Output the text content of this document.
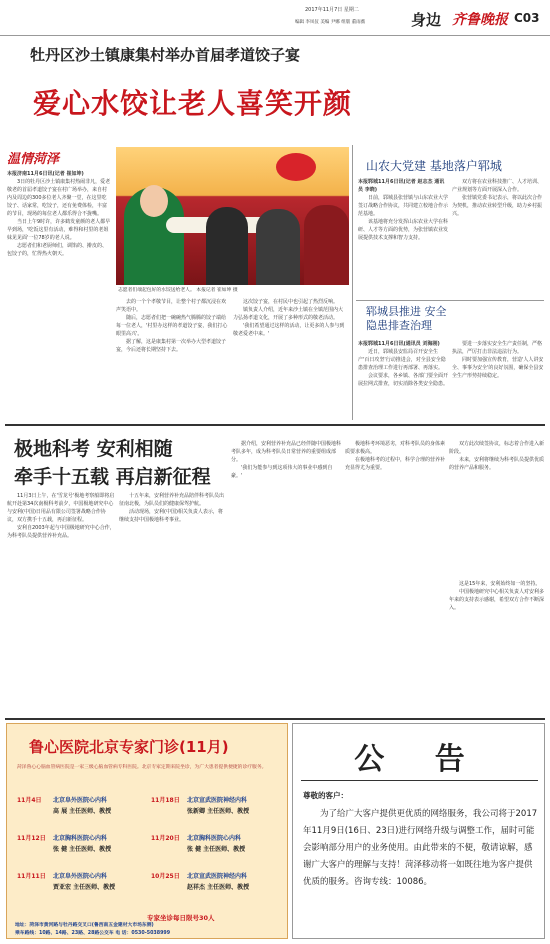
2017年11月7日 星期二
编辑 李凤仪 美编 尹娜 组版 董雨薇	身边 齐鲁晚报 C03
牡丹区沙土镇康集村举办首届孝道饺子宴
爱心水饺让老人喜笑开颜
温情菏泽
志愿者们端起包好的水饺送给老人。 本报记者 崔如坤 摄

本报济南11月6日讯(记者 崔如坤)

3日的牡丹区沙土镇康集村热闹非凡，爱老敬老的首届孝道饺子宴在村广场举办，来自村内及周边的300多位老人齐聚一堂，在这里吃饺子、话家常，吃饺子，还有免费体检，丰富的节目，现场的每位老人都乐得合不拢嘴。

当日上午9时许，许多鹤发童颜的老人都早早到场，'吃饭这里有活动，难得和村里的老姐妹见见面'一位78岁的老人说。

志愿者们和老厨师们，调馅的、擀皮的、包饺子的，忙得热火朝天。

去的一个个孝敬节目，让整个村子都沉浸在欢声笑语中。

随后，志愿者们把一碗碗热气腾腾的饺子端给每一位老人，'村里办这样的孝道饺子宴，我们打心眼里高兴'。

据了解，这是康集村第一次举办大型孝道饺子宴，今后还将长期坚持下去。

这次饺子宴，在村民中也引起了热烈反响。

镇负责人介绍，近年来沙土镇在全镇范围内大力弘扬孝道文化，开展了多种形式的敬老活动。

'我们希望通过这样的活动，让更多的人参与到敬老爱老中来。'

山农大党建 基地落户郓城

本报郓城11月6日讯(记者 赵志杰 通讯员 李晓)

日前，郓城县张营镇与山东农业大学签订战略合作协议，共同建立校地合作示范基地。

该基地将充分发挥山东农业大学在科研、人才等方面的优势，为张营镇农业发展提供技术支撑和智力支持。

双方将在农业科技推广、人才培训、产业规划等方面开展深入合作。

张营镇党委书记表示，将以此次合作为契机，推动农业转型升级，助力乡村振兴。

郓城县推进 安全隐患排查治理

本报郓城11月6日讯(通讯员 刘海刚)

近日，郓城县安监局召开安全生产'百日攻坚'行动推进会，对全县安全隐患排查治理工作进行再部署、再落实。

会议要求，各乡镇、各部门要全面开展拉网式排查，切实消除各类安全隐患。

要进一步落实安全生产责任制，严格执法，严厉打击非法违法行为。

同时要加强宣传教育，营造'人人讲安全、事事为安全'的良好氛围，确保全县安全生产形势持续稳定。

极地科考 安利相随
牵手十五载 再启新征程

11月3日上午，在'雪龙号'极地考察船即将启航开赴第34次南极科考前夕，中国极地研究中心与安利(中国)日用品有限公司签署战略合作协议，双方携手十五载，再启新征程。

安利自2003年起与中国极地研究中心合作，为科考队员提供营养补充品。

十五年来，安利营养补充品陪伴科考队员出征南北极，为队员们的健康保驾护航。

活动现场，安利(中国)相关负责人表示，将继续支持中国极地科考事业。

据介绍，安利营养补充品已经伴随中国极地科考队多年，成为科考队员日常营养的重要组成部分。

'我们为能参与到这项伟大的事业中感到自豪。'

极地科考环境恶劣，对科考队员的身体素质要求极高。

在极地科考的过程中，科学合理的营养补充显得尤为重要。

双方此次续签协议，标志着合作进入新阶段。

未来，安利将继续为科考队员提供优质的营养产品和服务。

这是15年来，安利始终如一的坚持。

中国极地研究中心相关负责人对安利多年来的支持表示感谢，希望双方合作不断深入。

鲁心医院北京专家门诊(11月)
菏泽鲁心心脑血管病医院是一家三级心脑血管病专科医院。北京专家定期来院坐诊，为广大患者提供便捷的诊疗服务。
11月4日 北京阜外医院心内科
高 展 主任医师、教授
11月18日 北京宣武医院神经内科
张新卿 主任医师、教授
11月12日 北京胸科医院心内科
张 健 主任医师、教授
11月20日 北京胸科医院心内科
张 健 主任医师、教授
11月11日 北京阜外医院心内科
贾亚宏 主任医师、教授
10月25日 北京宣武医院神经内科
赵祥杰 主任医师、教授
专家坐诊每日限号30人
地址：菏泽市黄河路与牡丹路交叉口(鲁西南五金建材大市场东侧)
乘车路线：10路、14路、23路、28路公交车 电 话：0530-5038999
公 告
尊敬的客户：
为了给广大客户提供更优质的网络服务，我公司将于2017年11月9日(16日、23日)进行网络升级与调整工作，届时可能会影响部分用户的业务使用。由此带来的不便，敬请谅解，感谢广大客户的理解与支持！菏泽移动将一如既往地为客户提供优质的服务。咨询专线：10086。
